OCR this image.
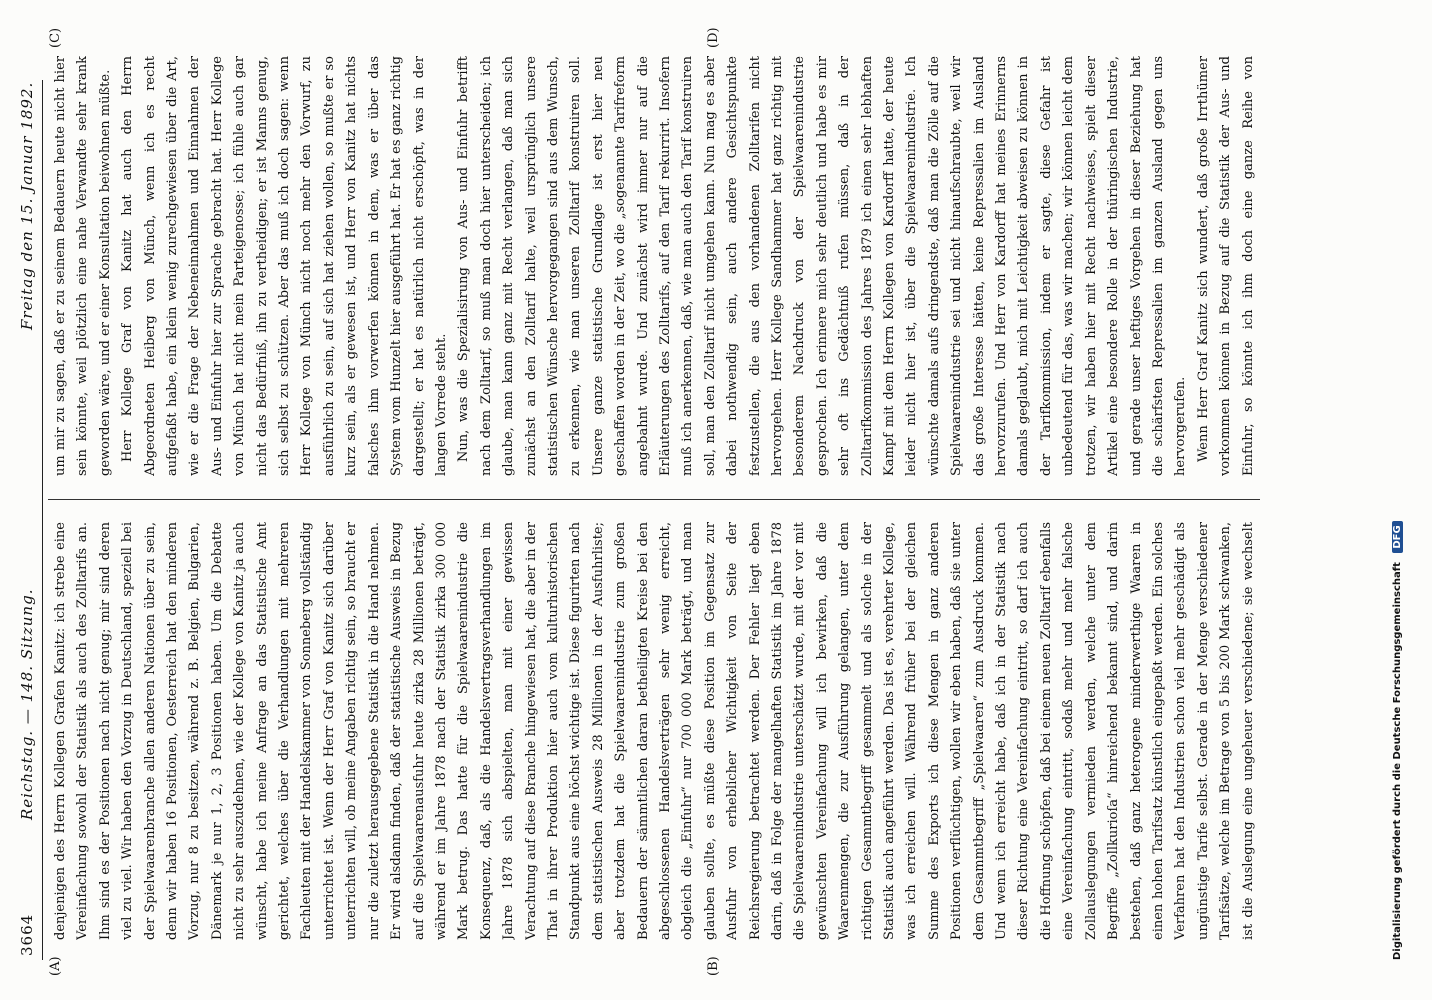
3664
Reichstag. — 148. Sitzung.
Freitag den 15. Januar 1892.
(A)	(B)
(C)	(D)

denjenigen des Herrn Kollegen Grafen Kanitz: ich strebe eine Vereinfachung sowohl der Statistik als auch des Zolltarifs an. Ihm sind es der Positionen nach nicht genug; mir sind deren viel zu viel. Wir haben den Vorzug in Deutschland, speziell bei der Spielwaarenbranche allen anderen Nationen über zu sein, denn wir haben 16 Positionen, Oesterreich hat den minderen Vorzug, nur 8 zu besitzen, während z. B. Belgien, Bulgarien, Dänemark je nur 1, 2, 3 Positionen haben. Um die Debatte nicht zu sehr auszudehnen, wie der Kollege von Kanitz ja auch wünscht, habe ich meine Anfrage an das Statistische Amt gerichtet, welches über die Verhandlungen mit mehreren Fachleuten mit der Handelskammer von Sonneberg vollständig unterrichtet ist. Wenn der Herr Graf von Kanitz sich darüber unterrichten will, ob meine Angaben richtig sein, so braucht er nur die zuletzt herausgegebene Statistik in die Hand nehmen. Er wird alsdann finden, daß der statistische Ausweis in Bezug auf die Spielwaarenausfuhr heute zirka 28 Millionen beträgt, während er im Jahre 1878 nach der Statistik zirka 300 000 Mark betrug. Das hatte für die Spielwaarenindustrie die Konsequenz, daß, als die Handelsvertragsverhandlungen im Jahre 1878 sich abspielten, man mit einer gewissen Verachtung auf diese Branche hingewiesen hat, die aber in der That in ihrer Produktion hier auch vom kulturhistorischen Standpunkt aus eine höchst wichtige ist. Diese figurirten nach dem statistischen Ausweis 28 Millionen in der Ausfuhrliste; aber trotzdem hat die Spielwaarenindustrie zum großen Bedauern der sämmtlichen daran betheiligten Kreise bei den abgeschlossenen Handelsverträgen sehr wenig erreicht, obgleich die „Einfuhr“ nur 700 000 Mark beträgt, und man glauben sollte, es müßte diese Position im Gegensatz zur Ausfuhr von erheblicher Wichtigkeit von Seite der Reichsregierung betrachtet werden. Der Fehler liegt eben darin, daß in Folge der mangelhaften Statistik im Jahre 1878 die Spielwaarenindustrie unterschätzt wurde, mit der vor mit gewünschten Vereinfachung will ich bewirken, daß die Waarenmengen, die zur Ausführung gelangen, unter dem richtigen Gesammtbegriff gesammelt und als solche in der Statistik auch angeführt werden. Das ist es, verehrter Kollege, was ich erreichen will. Während früher bei der gleichen Summe des Exports ich diese Mengen in ganz anderen Positionen verflüchtigen, wollen wir eben haben, daß sie unter dem Gesammtbegriff „Spielwaaren“ zum Ausdruck kommen. Und wenn ich erreicht habe, daß ich in der Statistik nach dieser Richtung eine Vereinfachung eintritt, so darf ich auch die Hoffnung schöpfen, daß bei einem neuen Zolltarif ebenfalls eine Vereinfachung eintritt, sodaß mehr und mehr falsche Zollauslegungen vermieden werden, welche unter dem Begriffe „Zollkurioſa“ hinreichend bekannt sind, und darin bestehen, daß ganz heterogene minderwerthige Waaren in einen hohen Tarifsatz künstlich eingepaßt werden. Ein solches Verfahren hat den Industrien schon viel mehr geschädigt als ungünstige Tarife selbst. Gerade in der Menge verschiedener Tarifsätze, welche im Betrage von 5 bis 200 Mark schwanken, ist die Auslegung eine ungeheuer verschiedene; sie wechselt

um mir zu sagen, daß er zu seinem Bedauern heute nicht hier sein könnte, weil plötzlich eine nahe Verwandte sehr krank geworden wäre, und er einer Konsultation beiwohnen müßte. Herr Kollege Graf von Kanitz hat auch den Herrn Abgeordneten Heiberg von Münch, wenn ich es recht aufgefaßt habe, ein klein wenig zurechgewiesen über die Art, wie er die Frage der Nebeneinnahmen und Einnahmen der Aus- und Einfuhr hier zur Sprache gebracht hat. Herr Kollege von Münch hat nicht mein Parteigenosse; ich fühle auch gar nicht das Bedürfniß, ihn zu vertheidigen; er ist Manns genug, sich selbst zu schützen. Aber das muß ich doch sagen: wenn Herr Kollege von Münch nicht noch mehr den Vorwurf, zu ausführlich zu sein, auf sich hat ziehen wollen, so mußte er so kurz sein, als er gewesen ist, und Herr von Kanitz hat nichts falsches ihm vorwerfen können in dem, was er über das System vom Hunzelt hier ausgeführt hat. Er hat es ganz richtig dargestellt; er hat es natürlich nicht erschöpft, was in der langen Vorrede steht. Nun, was die Spezialisirung von Aus- und Einfuhr betrifft nach dem Zolltarif, so muß man doch hier unterscheiden; ich glaube, man kann ganz mit Recht verlangen, daß man sich zunächst an den Zolltarif halte, weil ursprünglich unsere statistischen Wünsche hervorgegangen sind aus dem Wunsch, zu erkennen, wie man unseren Zolltarif konstruiren soll. Unsere ganze statistische Grundlage ist erst hier neu geschaffen worden in der Zeit, wo die „sogenannte Tarifreform angebahnt wurde. Und zunächst wird immer nur auf die Erläuterungen des Zolltarifs, auf den Tarif rekurrirt. Insofern muß ich anerkennen, daß, wie man auch den Tarif konstruiren soll, man den Zolltarif nicht umgehen kann. Nun mag es aber dabei nothwendig sein, auch andere Gesichtspunkte festzustellen, die aus den vorhandenen Zolltarifen nicht hervorgehen. Herr Kollege Sandhammer hat ganz richtig mit besonderem Nachdruck von der Spielwaarenindustrie gesprochen. Ich erinnere mich sehr deutlich und habe es mir sehr oft ins Gedächtniß rufen müssen, daß in der Zolltarifkommission des Jahres 1879 ich einen sehr lebhaften Kampf mit dem Herrn Kollegen von Kardorff hatte, der heute leider nicht hier ist, über die Spielwaarenindustrie. Ich wünschte damals aufs dringendste, daß man die Zölle auf die Spielwaarenindustrie sei und nicht hinaufschraubte, weil wir das große Interesse hätten, keine Repressalien im Ausland hervorzurufen. Und Herr von Kardorff hat meines Erinnerns damals geglaubt, mich mit Leichtigkeit abweisen zu können in der Tarifkommission, indem er sagte, diese Gefahr ist unbedeutend für das, was wir machen; wir können leicht dem trotzen, wir haben hier mit Recht nachweises, spielt dieser Artikel eine besondere Rolle in der thüringischen Industrie, und gerade unser heftiges Vorgehen in dieser Beziehung hat die schärfsten Repressalien im ganzen Ausland gegen uns hervorgerufen. Wenn Herr Graf Kanitz sich wundert, daß große Irrthümer vorkommen können in Bezug auf die Statistik der Aus- und Einfuhr, so könnte ich ihm doch eine ganze Reihe von

Digitalisierung gefördert durch die Deutsche Forschungsgemeinschaft DFG
